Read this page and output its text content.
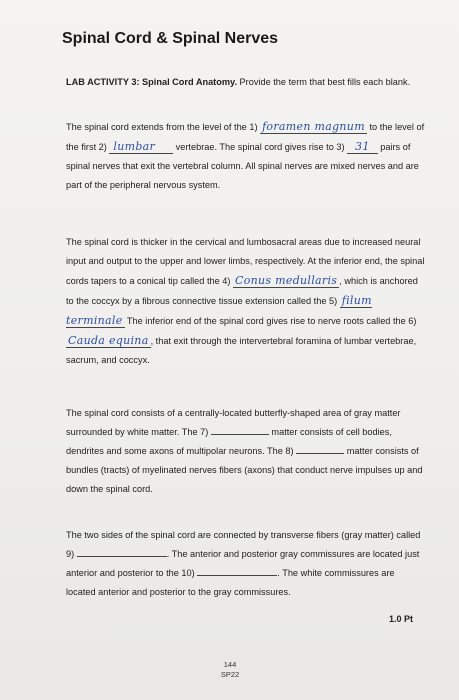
Spinal Cord & Spinal Nerves

LAB ACTIVITY 3: Spinal Cord Anatomy. Provide the term that best fills each blank.

The spinal cord extends from the level of the 1) foramen magnum to the level of the first 2) lumbar vertebrae. The spinal cord gives rise to 3) 31 pairs of spinal nerves that exit the vertebral column. All spinal nerves are mixed nerves and are part of the peripheral nervous system.

The spinal cord is thicker in the cervical and lumbosacral areas due to increased neural input and output to the upper and lower limbs, respectively. At the inferior end, the spinal cords tapers to a conical tip called the 4) Conus medullaris , which is anchored to the coccyx by a fibrous connective tissue extension called the 5) filum terminale The inferior end of the spinal cord gives rise to nerve roots called the 6) Cauda equina , that exit through the intervertebral foramina of lumbar vertebrae, sacrum, and coccyx.

The spinal cord consists of a centrally-located butterfly-shaped area of gray matter surrounded by white matter. The 7)	matter consists of cell bodies, dendrites and some axons of multipolar neurons. The 8)	matter consists of bundles (tracts) of myelinated nerves fibers (axons) that conduct nerve impulses up and down the spinal cord.

The two sides of the spinal cord are connected by transverse fibers (gray matter) called 9)	. The anterior and posterior gray commissures are located just anterior and posterior to the 10)	. The white commissures are located anterior and posterior to the gray commissures.

1.0 Pt
144
SP22
